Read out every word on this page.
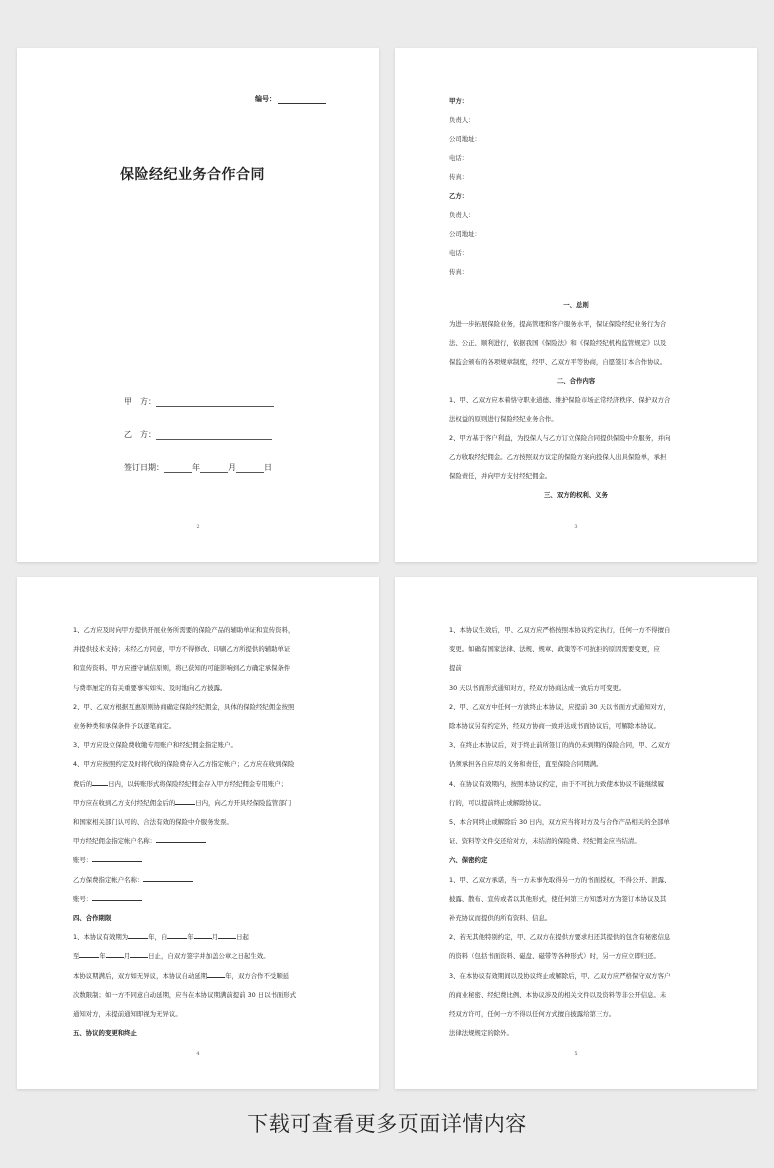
编号：
保险经纪业务合作合同
甲　方：
乙　方：
签订日期：	年	月	日
2
甲方：
负责人：
公司地址：
电话：
传真：
乙方：
负责人：
公司地址：
电话：
传真：
一、总则
为进一步拓展保险业务，提高管理和客户服务水平，保证保险经纪业务行为合
法、公正、顺利进行，依据我国《保险法》和《保险经纪机构监管规定》以及
保监会颁布的各项规章制度，经甲、乙双方平等协商，自愿签订本合作协议。
二、合作内容
1、甲、乙双方应本着恪守职业道德、维护保险市场正常经济秩序、保护双方合
法权益的原则进行保险经纪业务合作。
2、甲方基于客户利益，为投保人与乙方订立保险合同提供保险中介服务，并向
乙方收取经纪佣金。乙方按照双方议定的保险方案向投保人出具保险单，承担
保险责任，并向甲方支付经纪佣金。
三、双方的权利、义务
3
1、乙方应及时向甲方提供开展业务所需要的保险产品的辅助单证和宣传资料，
并提供技术支持；未经乙方同意，甲方不得修改、印刷乙方所提供的辅助单证
和宣传资料。甲方应遵守诚信原则，将已获知的可能影响到乙方确定承保条件
与费率厘定的有关重要事实如实、及时地向乙方披露。
2、甲、乙双方根据互惠原则协商确定保险经纪佣金，具体的保险经纪佣金按照
业务种类和承保条件予以逐笔商定。
3、甲方应设立保险费收缴专用账户和经纪佣金指定账户。
4、甲方应按照约定及时将代收的保险费存入乙方指定帐户；乙方应在收到保险
费后的	日内，以转账形式将保险经纪佣金存入甲方经纪佣金专用账户；
甲方应在收到乙方支付经纪佣金后的	日内，向乙方开具经保险监管部门
和国家相关部门认可的、合法有效的保险中介服务发票。
甲方经纪佣金指定帐户名称：
账号：
乙方保费指定帐户名称：
账号：
四、合作期限
1、本协议有效期为	年，自	年	月	日起
至	年	月	日止，自双方签字并加盖公章之日起生效。
本协议期满后，双方如无异议，本协议自动延期	年，双方合作不受顺延
次数限制；如一方不同意自动延期，应当在本协议期满前提前 30 日以书面形式
通知对方，未提前通知即视为无异议。
五、协议的变更和终止
4
1、本协议生效后，甲、乙双方应严格按照本协议约定执行，任何一方不得擅自
变更。如确有国家法律、法规、规章、政策等不可抗拒的原因需要变更，应
提前
30 天以书面形式通知对方，经双方协商达成一致后方可变更。
2、甲、乙双方中任何一方欲终止本协议，应提前 30 天以书面方式通知对方，
除本协议另有约定外，经双方协商一致并达成书面协议后，可解除本协议。
3、在终止本协议后，对于终止前所签订的尚仍未到期的保险合同，甲、乙双方
仍须承担各自应尽的义务和责任，直至保险合同期满。
4、在协议有效期内，按照本协议约定，由于不可抗力致使本协议不能继续履
行的，可以提前终止或解除协议。
5、本合同终止或解除后 30 日内，双方应当将对方及与合作产品相关的全部单
证、资料等文件交还给对方，未结清的保险费、经纪佣金应当结清。
六、保密约定
1、甲、乙双方承诺，当一方未事先取得另一方的书面授权，不得公开、泄露、
披露、散布、宣传或者以其他形式，使任何第三方知悉对方为签订本协议及其
补充协议而提供的所有资料、信息。
2、若无其他特别约定，甲、乙双方在提供方要求归还其提供的包含有秘密信息
的资料（包括书面资料、磁盘、磁带等各种形式）时，另一方应立即归还。
3、在本协议有效期间以及协议终止或解除后，甲、乙双方应严格保守双方客户
的商业秘密、经纪费比例、本协议涉及的相关文件以及资料等非公开信息。未
经双方许可，任何一方不得以任何方式擅自披露给第三方。
法律法规规定的除外。
5
下载可查看更多页面详情内容
